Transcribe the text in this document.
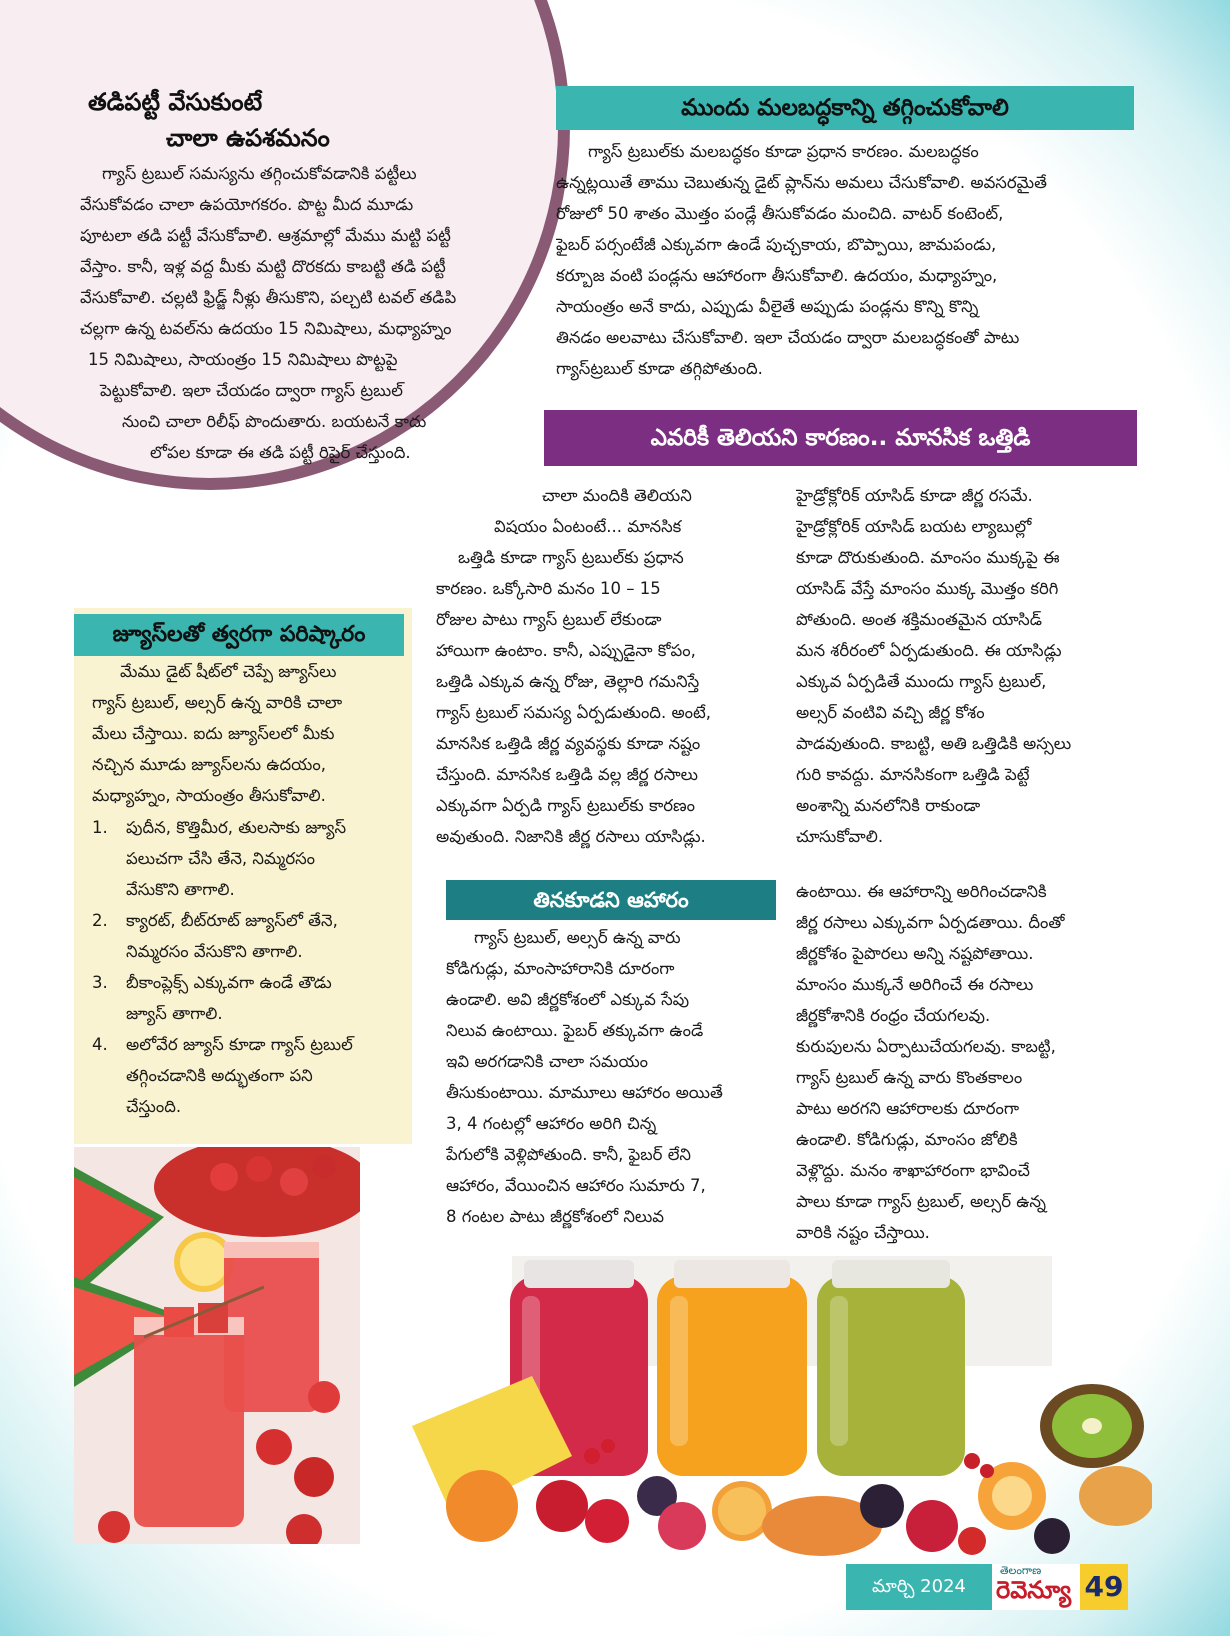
తడిపట్టీ వేసుకుంటే
చాలా ఉపశమనం
గ్యాస్ ట్రబుల్ సమస్యను తగ్గించుకోవడానికి పట్టీలు
వేసుకోవడం చాలా ఉపయోగకరం. పొట్ట మీద మూడు
పూటలా తడి పట్టీ వేసుకోవాలి. ఆశ్రమాల్లో మేము మట్టి పట్టీ
వేస్తాం. కానీ, ఇళ్ల వద్ద మీకు మట్టి దొరకదు కాబట్టి తడి పట్టీ
వేసుకోవాలి. చల్లటి ఫ్రిడ్జ్ నీళ్లు తీసుకొని, పల్చటి టవల్ తడిపి
చల్లగా ఉన్న టవల్‌ను ఉదయం 15 నిమిషాలు, మధ్యాహ్నం
15 నిమిషాలు, సాయంత్రం 15 నిమిషాలు పొట్టపై
పెట్టుకోవాలి. ఇలా చేయడం ద్వారా గ్యాస్ ట్రబుల్
నుంచి చాలా రిలీఫ్ పొందుతారు. బయటనే కాదు
లోపల కూడా ఈ తడి పట్టీ రిపైర్ చేస్తుంది.
ముందు మలబద్ధకాన్ని తగ్గించుకోవాలి
గ్యాస్ ట్రబుల్‌కు మలబద్ధకం కూడా ప్రధాన కారణం. మలబద్ధకం
ఉన్నట్లయితే తాము చెబుతున్న డైట్ ప్లాన్‌ను అమలు చేసుకోవాలి. అవసరమైతే
రోజులో 50 శాతం మొత్తం పండ్లే తీసుకోవడం మంచిది. వాటర్ కంటెంట్,
ఫైబర్ పర్సంటేజీ ఎక్కువగా ఉండే పుచ్చకాయ, బొప్పాయి, జామపండు,
కర్బూజ వంటి పండ్లను ఆహారంగా తీసుకోవాలి. ఉదయం, మధ్యాహ్నం,
సాయంత్రం అనే కాదు, ఎప్పుడు వీలైతే అప్పుడు పండ్లను కొన్ని కొన్ని
తినడం అలవాటు చేసుకోవాలి. ఇలా చేయడం ద్వారా మలబద్ధకంతో పాటు
గ్యాస్‌ట్రబుల్ కూడా తగ్గిపోతుంది.
ఎవరికీ తెలియని కారణం.. మానసిక ఒత్తిడి
చాలా మందికి తెలియని
విషయం ఏంటంటే... మానసిక
ఒత్తిడి కూడా గ్యాస్ ట్రబుల్‌కు ప్రధాన
కారణం. ఒక్కోసారి మనం 10 – 15
రోజుల పాటు గ్యాస్ ట్రబుల్ లేకుండా
హాయిగా ఉంటాం. కానీ, ఎప్పుడైనా కోపం,
ఒత్తిడి ఎక్కువ ఉన్న రోజు, తెల్లారి గమనిస్తే
గ్యాస్ ట్రబుల్ సమస్య ఏర్పడుతుంది. అంటే,
మానసిక ఒత్తిడి జీర్ణ వ్యవస్థకు కూడా నష్టం
చేస్తుంది. మానసిక ఒత్తిడి వల్ల జీర్ణ రసాలు
ఎక్కువగా ఏర్పడి గ్యాస్ ట్రబుల్‌కు కారణం
అవుతుంది. నిజానికి జీర్ణ రసాలు యాసిడ్లు.
హైడ్రోక్లోరిక్ యాసిడ్ కూడా జీర్ణ రసమే.
హైడ్రోక్లోరిక్ యాసిడ్ బయట ల్యాబుల్లో
కూడా దొరుకుతుంది. మాంసం ముక్కపై ఈ
యాసిడ్ వేస్తే మాంసం ముక్క మొత్తం కరిగి
పోతుంది. అంత శక్తిమంతమైన యాసిడ్
మన శరీరంలో ఏర్పడుతుంది. ఈ యాసిడ్లు
ఎక్కువ ఏర్పడితే ముందు గ్యాస్ ట్రబుల్,
అల్సర్ వంటివి వచ్చి జీర్ణ కోశం
పాడవుతుంది. కాబట్టి, అతి ఒత్తిడికి అస్సలు
గురి కావద్దు. మానసికంగా ఒత్తిడి పెట్టే
అంశాన్ని మనలోనికి రాకుండా
చూసుకోవాలి.
జ్యూస్‌లతో త్వరగా పరిష్కారం
మేము డైట్ షీట్‌లో చెప్పే జ్యూస్‌లు
గ్యాస్ ట్రబుల్, అల్సర్ ఉన్న వారికి చాలా
మేలు చేస్తాయి. ఐదు జ్యూస్‌లలో మీకు
నచ్చిన మూడు జ్యూస్‌లను ఉదయం,
మధ్యాహ్నం, సాయంత్రం తీసుకోవాలి.
1. పుదీన, కొత్తిమీర, తులసాకు జ్యూస్
పలుచగా చేసి తేనె, నిమ్మరసం
వేసుకొని తాగాలి.
2. క్యారట్, బీట్‌రూట్ జ్యూస్‌లో తేనె,
నిమ్మరసం వేసుకొని తాగాలి.
3. బీకాంప్లెక్స్ ఎక్కువగా ఉండే తౌడు
జ్యూస్ తాగాలి.
4. అలోవేర జ్యూస్ కూడా గ్యాస్ ట్రబుల్
తగ్గించడానికి అద్భుతంగా పని
చేస్తుంది.
తినకూడని ఆహారం
గ్యాస్ ట్రబుల్, అల్సర్ ఉన్న వారు
కోడిగుడ్లు, మాంసాహారానికి దూరంగా
ఉండాలి. అవి జీర్ణకోశంలో ఎక్కువ సేపు
నిలువ ఉంటాయి. ఫైబర్ తక్కువగా ఉండే
ఇవి అరగడానికి చాలా సమయం
తీసుకుంటాయి. మామూలు ఆహారం అయితే
3, 4 గంటల్లో ఆహారం అరిగి చిన్న
పేగులోకి వెళ్లిపోతుంది. కానీ, ఫైబర్ లేని
ఆహారం, వేయించిన ఆహారం సుమారు 7,
8 గంటల పాటు జీర్ణకోశంలో నిలువ
ఉంటాయి. ఈ ఆహారాన్ని అరిగించడానికి
జీర్ణ రసాలు ఎక్కువగా ఏర్పడతాయి. దీంతో
జీర్ణకోశం పైపొరలు అన్ని నష్టపోతాయి.
మాంసం ముక్కనే అరిగించే ఈ రసాలు
జీర్ణకోశానికి రంధ్రం చేయగలవు.
కురుపులను ఏర్పాటుచేయగలవు. కాబట్టి,
గ్యాస్ ట్రబుల్ ఉన్న వారు కొంతకాలం
పాటు అరగని ఆహారాలకు దూరంగా
ఉండాలి. కోడిగుడ్లు, మాంసం జోలికి
వెళ్లొద్దు. మనం శాఖాహారంగా భావించే
పాలు కూడా గ్యాస్ ట్రబుల్, అల్సర్ ఉన్న
వారికి నష్టం చేస్తాయి.
మార్చి 2024
తెలంగాణ
రెవెన్యూ 49
